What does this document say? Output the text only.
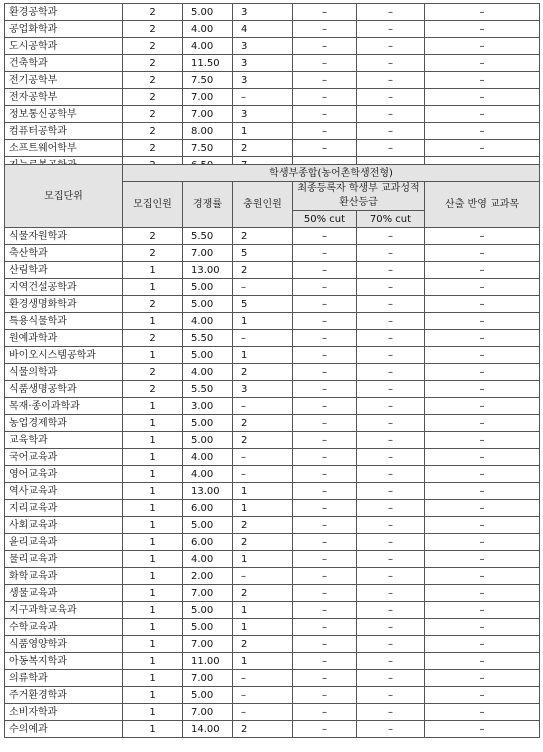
환경공학과	2	5.00	3	–	–	–
공업화학과	2	4.00	4	–	–	–
도시공학과	2	4.00	3	–	–	–
건축학과	2	11.50	3	–	–	–
전기공학부	2	7.50	3	–	–	–
전자공학부	2	7.00	–	–	–	–
정보통신공학부	2	7.00	3	–	–	–
컴퓨터공학과	2	8.00	1	–	–	–
소프트웨어학부	2	7.50	2	–	–	–

모집단위	학생부종합(농어촌학생전형)					
	모집인원	경쟁률	충원인원	최종등록자 학생부 교과성적 환산등급		산출 반영 교과목

				50% cut	70% cut	
식물자원학과	2	5.50	2	–	–	–
축산학과	2	7.00	5	–	–	–
산림학과	1	13.00	2	–	–	–
지역건설공학과	1	5.00	–	–	–	–
환경생명화학과	2	5.00	5	–	–	–
특용식물학과	1	4.00	1	–	–	–
원예과학과	2	5.50	–	–	–	–
바이오시스템공학과	1	5.00	1	–	–	–
식물의학과	2	4.00	2	–	–	–
식품생명공학과	2	5.50	3	–	–	–
목재·종이과학과	1	3.00	–	–	–	–
농업경제학과	1	5.00	2	–	–	–
교육학과	1	5.00	2	–	–	–
국어교육과	1	4.00	–	–	–	–
영어교육과	1	4.00	–	–	–	–
역사교육과	1	13.00	1	–	–	–
지리교육과	1	6.00	1	–	–	–
사회교육과	1	5.00	2	–	–	–
윤리교육과	1	6.00	2	–	–	–
물리교육과	1	4.00	1	–	–	–
화학교육과	1	2.00	–	–	–	–
생물교육과	1	7.00	2	–	–	–
지구과학교육과	1	5.00	1	–	–	–
수학교육과	1	5.00	1	–	–	–
식품영양학과	1	7.00	2	–	–	–
아동복지학과	1	11.00	1	–	–	–
의류학과	1	7.00	–	–	–	–
주거환경학과	1	5.00	–	–	–	–
소비자학과	1	7.00	–	–	–	–
수의예과	1	14.00	2	–	–	–
